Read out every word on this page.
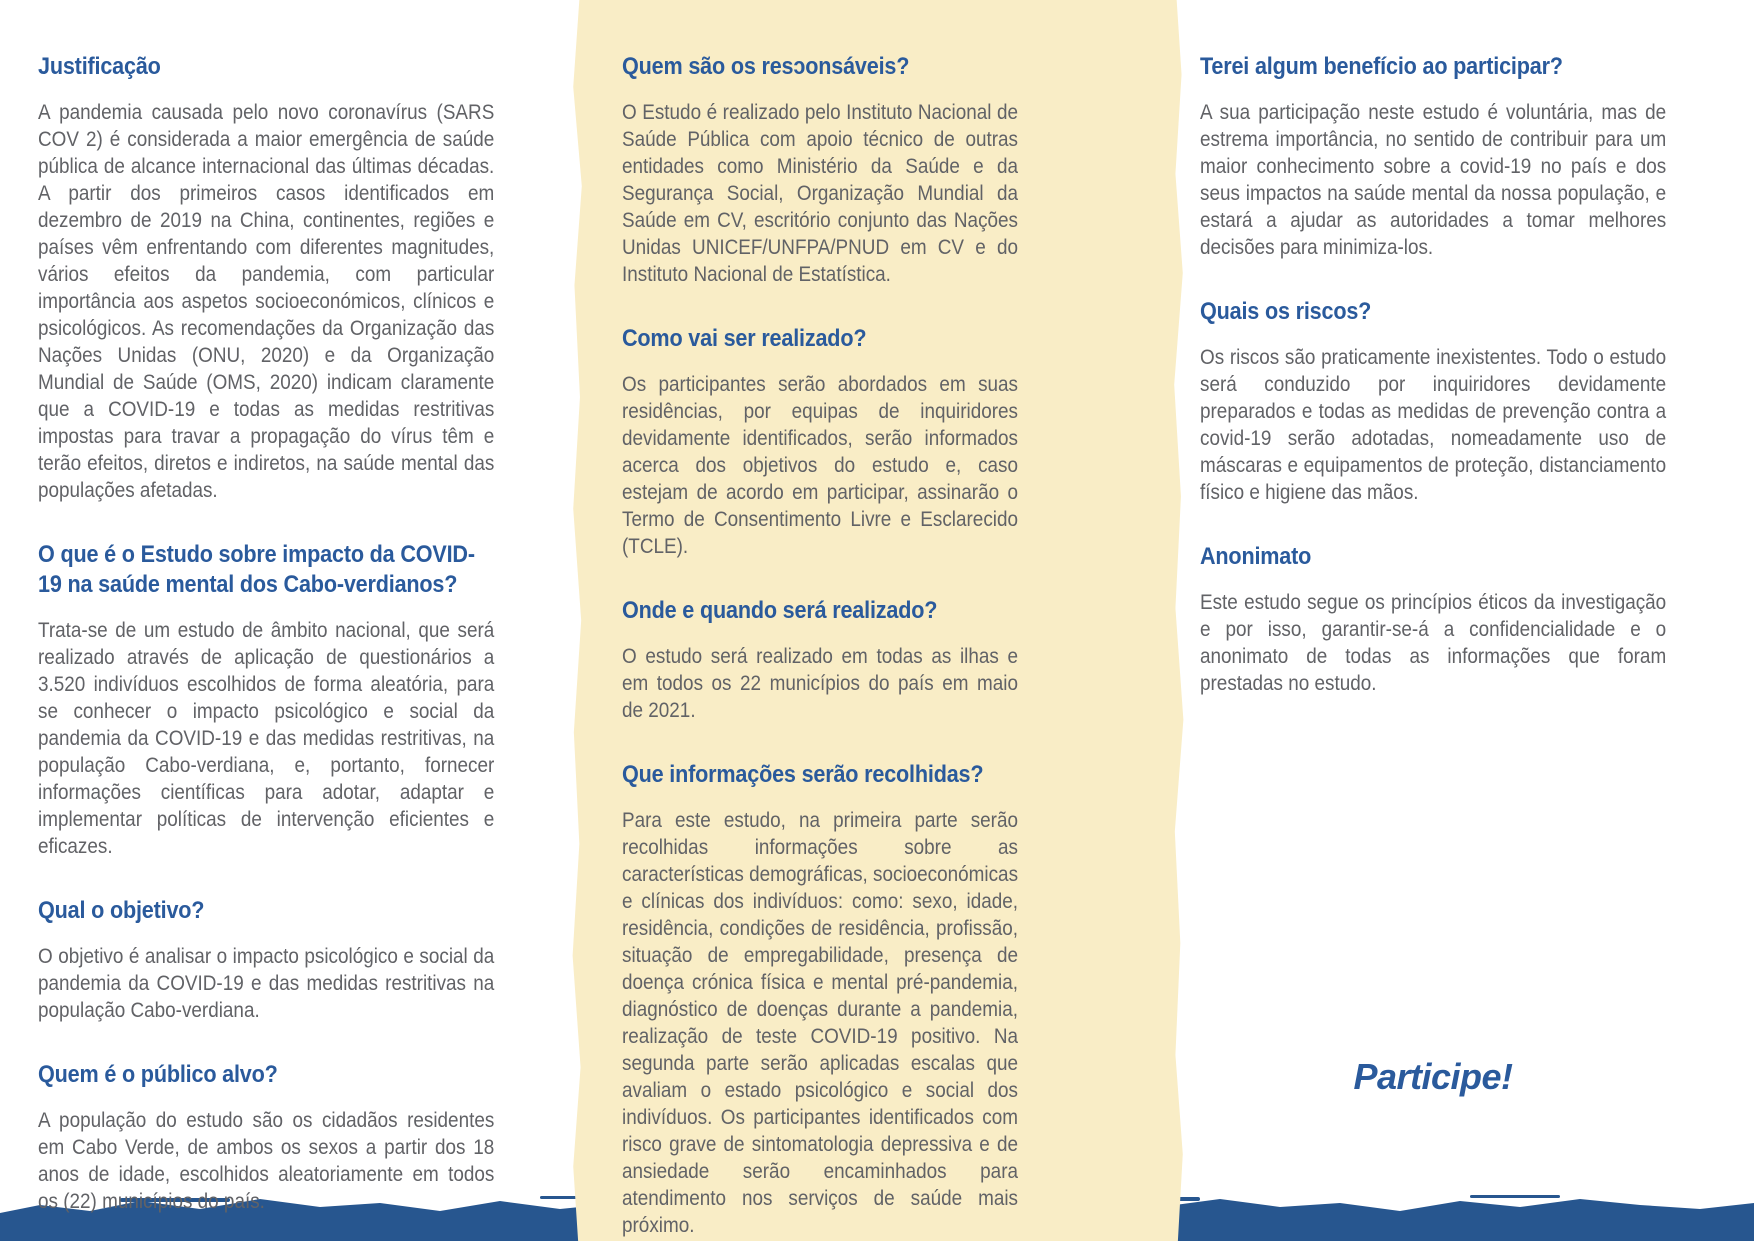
Justificação

A pandemia causada pelo novo coronavírus (SARS COV 2) é considerada a maior emergência de saúde pública de alcance internacional das últimas décadas. A partir dos primeiros casos identificados em dezembro de 2019 na China, continentes, regiões e países vêm enfrentando com diferentes magnitudes, vários efeitos da pandemia, com particular importância aos aspetos socioeconómicos, clínicos e psicológicos. As recomendações da Organização das Nações Unidas (ONU, 2020) e da Organização Mundial de Saúde (OMS, 2020) indicam claramente que a COVID-19 e todas as medidas restritivas impostas para travar a propagação do vírus têm e terão efeitos, diretos e indiretos, na saúde mental das populações afetadas.

O que é o Estudo sobre impacto da COVID-19 na saúde mental dos Cabo-verdianos?

Trata-se de um estudo de âmbito nacional, que será realizado através de aplicação de questionários a 3.520 indivíduos escolhidos de forma aleatória, para se conhecer o impacto psicológico e social da pandemia da COVID-19 e das medidas restritivas, na população Cabo-verdiana, e, portanto, fornecer informações científicas para adotar, adaptar e implementar políticas de intervenção eficientes e eficazes.

Qual o objetivo?

O objetivo é analisar o impacto psicológico e social da pandemia da COVID-19 e das medidas restritivas na população Cabo-verdiana.

Quem é o público alvo?

A população do estudo são os cidadãos residentes em Cabo Verde, de ambos os sexos a partir dos 18 anos de idade, escolhidos aleatoriamente em todos os (22) municípios do país.

Quem são os resɔonsáveis?

O Estudo é realizado pelo Instituto Nacional de Saúde Pública com apoio técnico de outras entidades como Ministério da Saúde e da Segurança Social, Organização Mundial da Saúde em CV, escritório conjunto das Nações Unidas UNICEF/UNFPA/PNUD em CV e do Instituto Nacional de Estatística.

Como vai ser realizado?

Os participantes serão abordados em suas residências, por equipas de inquiridores devidamente identificados, serão informados acerca dos objetivos do estudo e, caso estejam de acordo em participar, assinarão o Termo de Consentimento Livre e Esclarecido (TCLE).

Onde e quando será realizado?

O estudo será realizado em todas as ilhas e em todos os 22 municípios do país em maio de 2021.

Que informações serão recolhidas?

Para este estudo, na primeira parte serão recolhidas informações sobre as características demográficas, socioeconómicas e clínicas dos indivíduos: como: sexo, idade, residência, condições de residência, profissão, situação de empregabilidade, presença de doença crónica física e mental pré-pandemia, diagnóstico de doenças durante a pandemia, realização de teste COVID-19 positivo. Na segunda parte serão aplicadas escalas que avaliam o estado psicológico e social dos indivíduos. Os participantes identificados com risco grave de sintomatologia depressiva e de ansiedade serão encaminhados para atendimento nos serviços de saúde mais próximo.

Terei algum benefício ao participar?

A sua participação neste estudo é voluntária, mas de estrema importância, no sentido de contribuir para um maior conhecimento sobre a covid-19 no país e dos seus impactos na saúde mental da nossa população, e estará a ajudar as autoridades a tomar melhores decisões para minimiza-los.

Quais os riscos?

Os riscos são praticamente inexistentes. Todo o estudo será conduzido por inquiridores devidamente preparados e todas as medidas de prevenção contra a covid-19 serão adotadas, nomeadamente uso de máscaras e equipamentos de proteção, distanciamento físico e higiene das mãos.

Anonimato

Este estudo segue os princípios éticos da investigação e por isso, garantir-se-á a confidencialidade e o anonimato de todas as informações que foram prestadas no estudo.

Participe!
